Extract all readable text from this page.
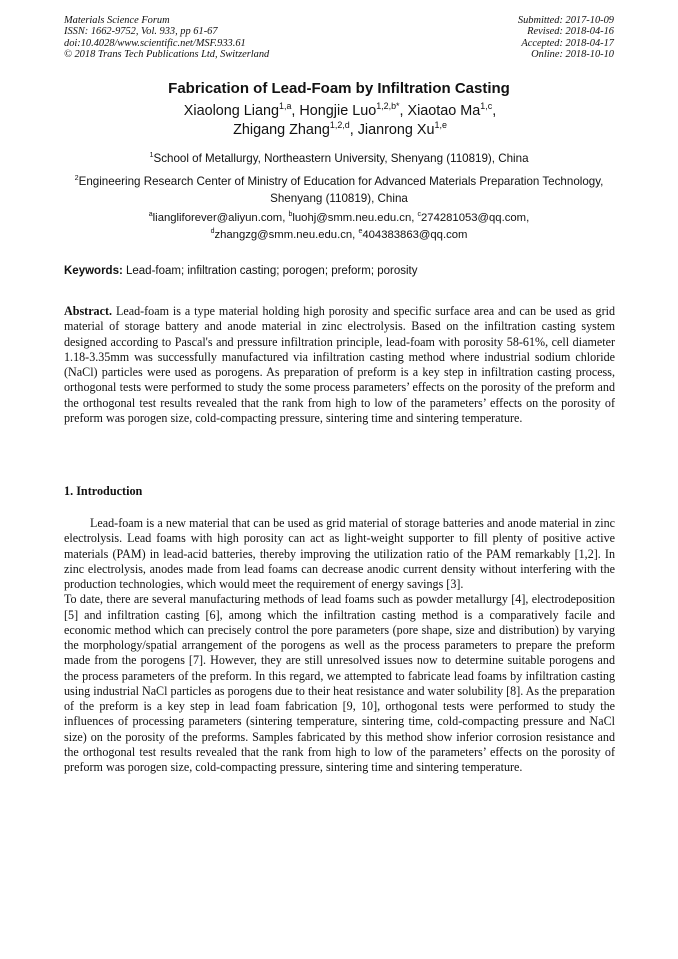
Materials Science Forum
ISSN: 1662-9752, Vol. 933, pp 61-67
doi:10.4028/www.scientific.net/MSF.933.61
© 2018 Trans Tech Publications Ltd, Switzerland
Submitted: 2017-10-09
Revised: 2018-04-16
Accepted: 2018-04-17
Online: 2018-10-10
Fabrication of Lead-Foam by Infiltration Casting
Xiaolong Liang$^{1,a}$, Hongjie Luo$^{1,2,b*}$, Xiaotao Ma$^{1,c}$,
Zhigang Zhang$^{1,2,d}$, Jianrong Xu$^{1,e}$
$^1$School of Metallurgy, Northeastern University, Shenyang (110819), China
$^2$Engineering Research Center of Ministry of Education for Advanced Materials Preparation Technology, Shenyang (110819), China
$^a$liangliforever@aliyun.com, $^b$luohj@smm.neu.edu.cn, $^c$274281053@qq.com,
$^d$zhangzg@smm.neu.edu.cn, $^e$404383863@qq.com
Keywords: Lead-foam; infiltration casting; porogen; preform; porosity

Abstract. Lead-foam is a type material holding high porosity and specific surface area and can be used as grid material of storage battery and anode material in zinc electrolysis. Based on the infiltration casting system designed according to Pascal's and pressure infiltration principle, lead-foam with porosity 58-61%, cell diameter 1.18-3.35mm was successfully manufactured via infiltration casting method where industrial sodium chloride (NaCl) particles were used as porogens. As preparation of preform is a key step in infiltration casting process, orthogonal tests were performed to study the some process parameters’ effects on the porosity of the preform and the orthogonal test results revealed that the rank from high to low of the parameters’ effects on the porosity of preform was porogen size, cold-compacting pressure, sintering time and sintering temperature.

1. Introduction

Lead-foam is a new material that can be used as grid material of storage batteries and anode material in zinc electrolysis. Lead foams with high porosity can act as light-weight supporter to fill plenty of positive active materials (PAM) in lead-acid batteries, thereby improving the utilization ratio of the PAM remarkably [1,2]. In zinc electrolysis, anodes made from lead foams can decrease anodic current density without interfering with the production technologies, which would meet the requirement of energy savings [3].

To date, there are several manufacturing methods of lead foams such as powder metallurgy [4], electrodeposition [5] and infiltration casting [6], among which the infiltration casting method is a comparatively facile and economic method which can precisely control the pore parameters (pore shape, size and distribution) by varying the morphology/spatial arrangement of the porogens as well as the process parameters to prepare the preform made from the porogens [7]. However, they are still unresolved issues now to determine suitable porogens and the process parameters of the preform. In this regard, we attempted to fabricate lead foams by infiltration casting using industrial NaCl particles as porogens due to their heat resistance and water solubility [8]. As the preparation of the preform is a key step in lead foam fabrication [9, 10], orthogonal tests were performed to study the influences of processing parameters (sintering temperature, sintering time, cold-compacting pressure and NaCl size) on the porosity of the preforms. Samples fabricated by this method show inferior corrosion resistance and the orthogonal test results revealed that the rank from high to low of the parameters’ effects on the porosity of preform was porogen size, cold-compacting pressure, sintering time and sintering temperature.
